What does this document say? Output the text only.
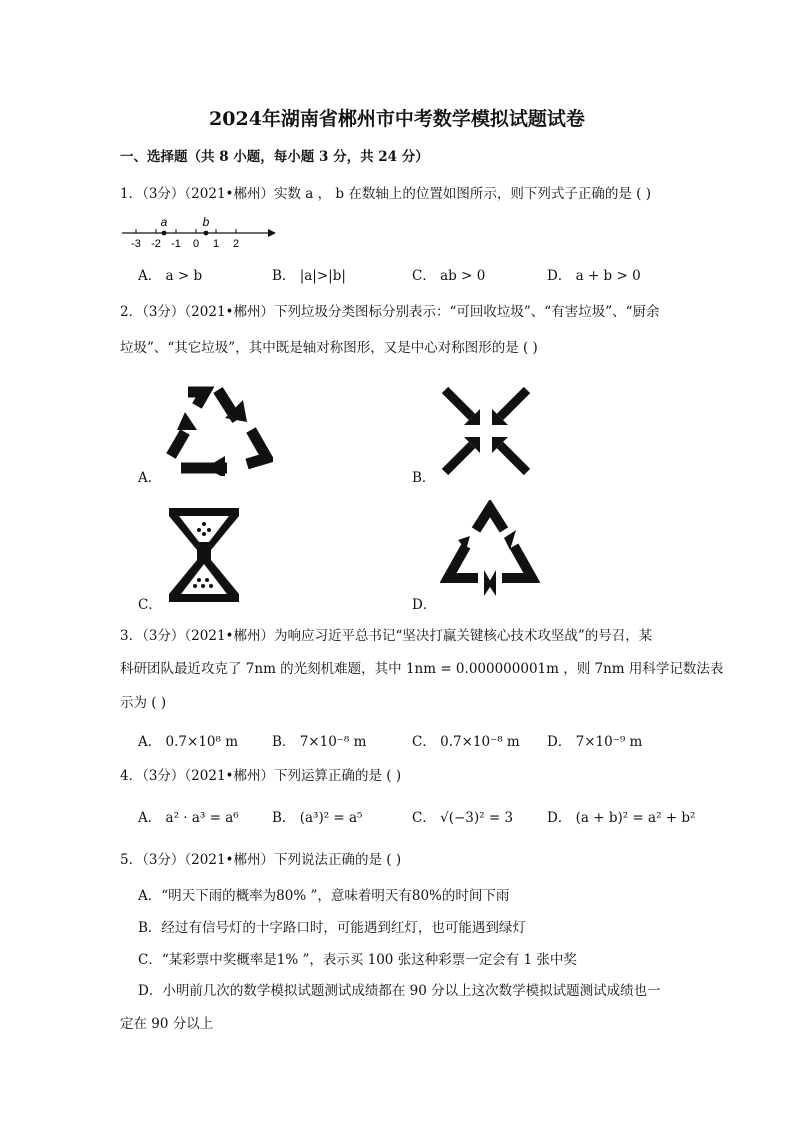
2024年湖南省郴州市中考数学模拟试题试卷
一、选择题（共 8 小题，每小题 3 分，共 24 分）
1．（3分）（2021•郴州）实数 a ， b 在数轴上的位置如图所示，则下列式子正确的是 ( )
a	b
-3 -2 -1 0 1 2
A． a > b	B． |a|>|b|	C． ab > 0	D． a + b > 0
2．（3分）（2021•郴州）下列垃圾分类图标分别表示：“可回收垃圾”、“有害垃圾”、“厨余
垃圾”、“其它垃圾”，其中既是轴对称图形，又是中心对称图形的是 ( )
A．	B．
C．	D．
3．（3分）（2021•郴州）为响应习近平总书记“坚决打赢关键核心技术攻坚战”的号召，某
科研团队最近攻克了 7nm 的光刻机难题，其中 1nm = 0.000000001m ，则 7nm 用科学记数法表
示为 ( )
A． 0.7×10⁸ m	B． 7×10⁻⁸ m	C． 0.7×10⁻⁸ m D． 7×10⁻⁹ m
4．（3分）（2021•郴州）下列运算正确的是 ( )
A． a² · a³ = a⁶ B． (a³)² = a⁵	C． √(−3)² = 3	D． (a + b)² = a² + b²
5．（3分）（2021•郴州）下列说法正确的是 ( )
A．“明天下雨的概率为80% ”，意味着明天有80%的时间下雨
B．经过有信号灯的十字路口时，可能遇到红灯，也可能遇到绿灯
C．“某彩票中奖概率是1% ”，表示买 100 张这种彩票一定会有 1 张中奖
D．小明前几次的数学模拟试题测试成绩都在 90 分以上这次数学模拟试题测试成绩也一
定在 90 分以上
